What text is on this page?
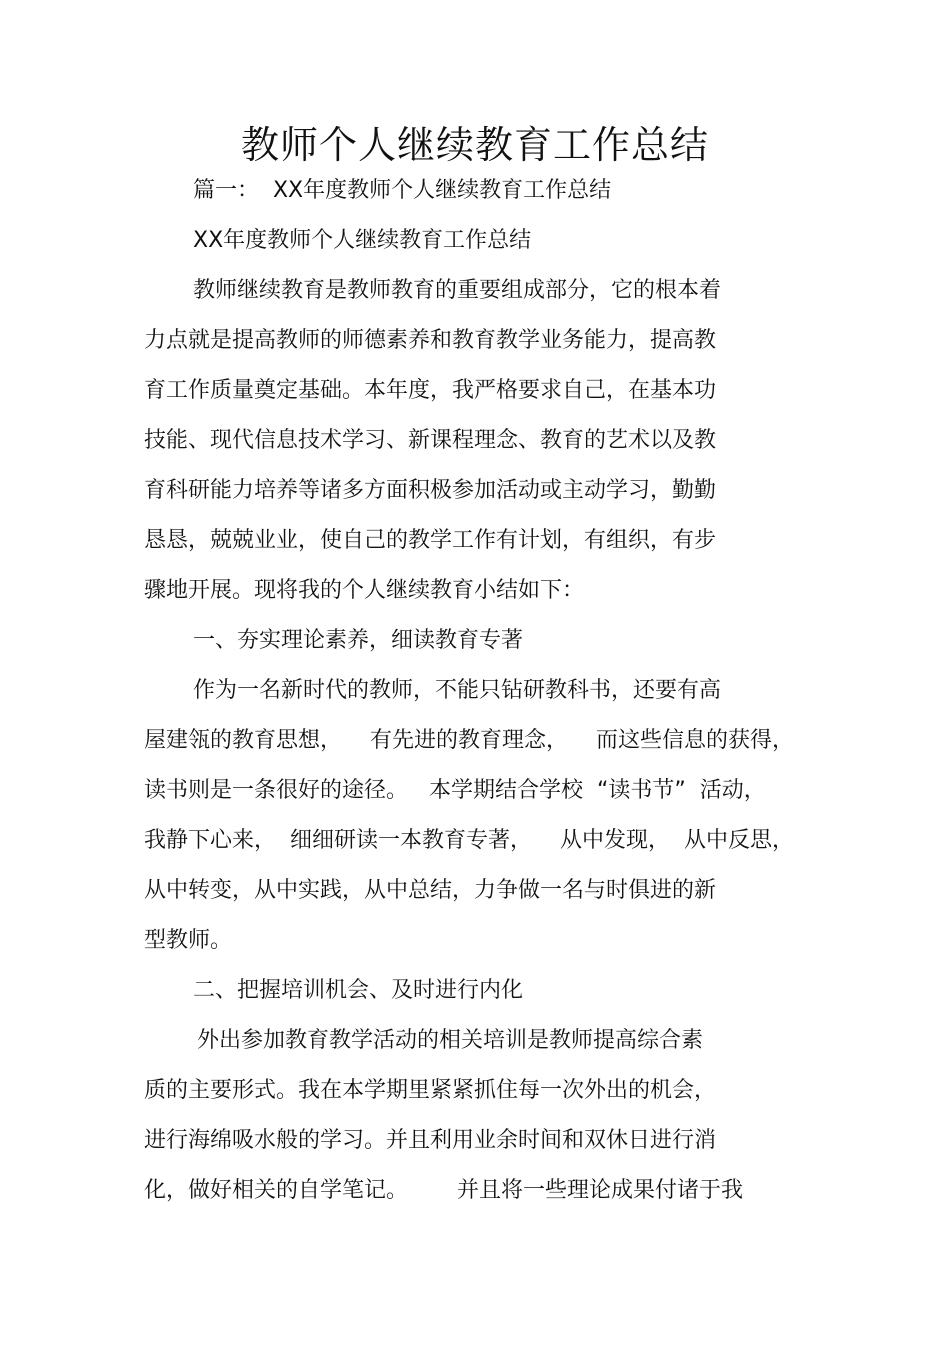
教师个人继续教育工作总结
篇一：  XX年度教师个人继续教育工作总结
XX年度教师个人继续教育工作总结
教师继续教育是教师教育的重要组成部分，它的根本着
力点就是提高教师的师德素养和教育教学业务能力，提高教
育工作质量奠定基础。本年度，我严格要求自己，在基本功
技能、现代信息技术学习、新课程理念、教育的艺术以及教
育科研能力培养等诸多方面积极参加活动或主动学习，勤勤
恳恳，兢兢业业，使自己的教学工作有计划，有组织，有步
骤地开展。现将我的个人继续教育小结如下：
一、夯实理论素养，细读教育专著
作为一名新时代的教师，不能只钻研教科书，还要有高
屋建瓴的教育思想，    有先进的教育理念，    而这些信息的获得，
读书则是一条很好的途径。   本学期结合学校  “读书节”  活动，
我静下心来，  细细研读一本教育专著，    从中发现，  从中反思，
从中转变，从中实践，从中总结，力争做一名与时俱进的新
型教师。
二、把握培训机会、及时进行内化
外出参加教育教学活动的相关培训是教师提高综合素
质的主要形式。我在本学期里紧紧抓住每一次外出的机会，
进行海绵吸水般的学习。并且利用业余时间和双休日进行消
化，做好相关的自学笔记。       并且将一些理论成果付诸于我
